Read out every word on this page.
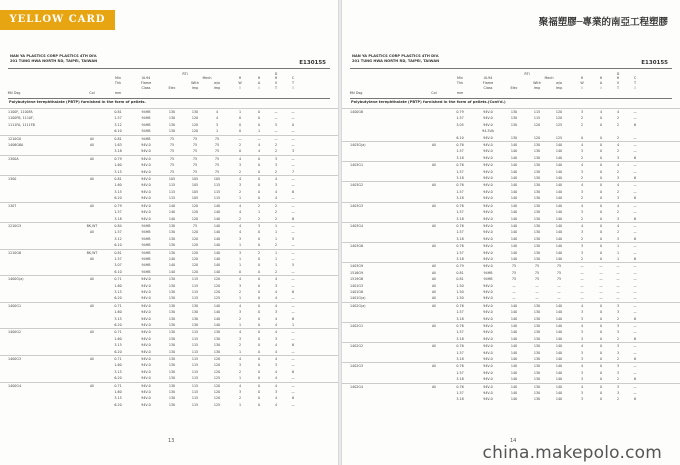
YELLOW CARD
NAN YA PLASTICS CORP PLASTICS 4TH DIV.
201 TUNG HWA NORTH RD, TAIPEI, TAIWAN	E130155
Min
Thk
mm
UL94
Flame
Class
RTI
Elec
Mech
With
Imp
w/o
Imp
H
W
I
H
A
I
D
H
V
T
C
T
I
Mtl Dsg	Col
Polybutylene terephthalate (PBTP) furnished in the form of pellets.
1100F, 1100FA	0.81	94HB	130	130	4	1	0	—	—
1100FB, 1110F,	1.57	94HB	130	120	4	0	0	—	—
1111FA, 1111FB	3.12	94HB	130	120	3	0	0	5	0
6.10	94HB	130	120	1	0	1	—	—
1210G0	All	0.81	94HB	75	75	75	—	—	—	—
1406G6A	All	1.63	94V-0	75	75	75	2	4	2	—
3.18	94V-0	75	75	75	0	4	2	3
1300A	All	0.79	94V-0	75	75	75	4	0	3	—
1.60	94V-0	75	75	75	3	0	3	—
3.15	94V-0	75	75	75	2	0	2	7
1300	All	0.81	94V-0	105	105	105	4	0	4	—
1.60	94V-0	115	105	115	3	0	3	—
3.15	94V-0	115	105	115	2	0	4	6
6.20	94V-0	115	105	115	1	0	4	—
1307	All	0.79	94V-0	140	120	140	4	2	2	—
1.57	94V-0	140	120	140	4	1	2	—
3.18	94V-0	140	120	140	2	2	2	6
1210G3	BK,WT	0.84	94HB	130	75	140	4	3	1	—
All	1.57	94HB	130	120	140	4	0	1	—
3.12	94HB	130	120	140	3	0	1	5
6.10	94HB	130	120	140	1	0	2	—
1210G6	BK,WT	0.81	94HB	130	120	140	3	2	1	—
All	1.57	94HB	140	120	140	1	0	1	—
3.07	94HB	140	120	140	1	0	1	5
6.10	94HB	140	120	140	0	0	2	—
1400G(a)	All	0.71	94V-0	130	115	120	4	0	4	—
1.60	94V-0	130	115	120	3	0	3	—
3.15	94V-0	130	115	120	2	0	4	6
6.20	94V-0	130	115	125	1	0	4	—
1400G1	All	0.71	94V-0	130	130	140	4	0	4	—
1.60	94V-0	130	130	140	3	0	3	—
3.15	94V-0	130	130	140	2	0	4	6
6.20	94V-0	130	130	140	1	0	4	1
1400G2	All	0.71	94V-0	130	115	130	4	0	4	—
1.60	94V-0	130	115	130	3	0	3	—
3.15	94V-0	130	115	130	2	0	4	6
6.20	94V-0	130	115	130	1	0	4	—
1400G3	All	0.71	94V-0	130	115	120	4	0	4	—
1.60	94V-0	130	115	120	3	0	3	—
3.15	94V-0	130	115	120	2	0	4	6
6.20	94V-0	130	115	125	1	0	4	—
1400G4	All	0.71	94V-0	130	115	120	4	0	4	—
1.60	94V-0	130	115	120	3	0	3	—
3.15	94V-0	130	115	120	2	0	4	6
6.20	94V-0	130	115	125	1	0	4	—
13
聚福塑膠─專業的南亞工程塑膠
NAN YA PLASTICS CORP PLASTICS 4TH DIV.
201 TUNG HWA NORTH RD, TAIPEI, TAIWAN	E130155
Min
Thk
mm
UL94
Flame
Class
RTI
Elec
Mech
With
Imp
w/o
Imp
H
W
I
H
A
I
D
H
V
T
C
T
I
Mtl Dsg	Col
Polybutylene terephthalate (PBTP) furnished in the form of pellets.(Cont'd.)
1400G6	0.79	94V-0	130	115	120	3	4	4	—
1.57	94V-0	130	115	120	2	0	2	—
3.05	94V-0	130	120	125	2	0	2	6
94-5VA
6.10	94V-0	130	120	125	0	0	2	—
1403G(a)	All	0.76	94V-0	140	130	140	4	0	4	—
1.57	94V-0	140	130	140	3	0	2	—
3.18	94V-0	140	130	140	2	0	3	6
1403G1	All	0.76	94V-0	140	130	140	4	0	4	—
1.57	94V-0	140	130	140	3	0	2	—
3.18	94V-0	140	130	140	2	0	3	6
1403G2	All	0.76	94V-0	140	130	140	4	0	4	—
1.57	94V-0	140	130	140	3	0	2	—
3.18	94V-0	140	130	140	2	0	3	6
1403G3	All	0.76	94V-0	140	130	140	4	0	4	—
1.57	94V-0	140	130	140	3	0	2	—
3.18	94V-0	140	130	140	2	0	3	6
1403G4	All	0.76	94V-0	140	130	140	4	0	4	—
1.57	94V-0	140	130	140	3	0	2	—
3.18	94V-0	140	130	140	2	0	3	6
1403G6	All	0.76	94V-0	140	130	140	3	0	1	—
1.57	94V-0	140	130	140	3	0	1	—
3.18	94V-0	140	130	140	2	0	1	6
1403G9	All	0.79	94V-0	75	75	75	—	—	—	—
1516G9	All	0.81	94HB	75	75	75	—	—	—	—
1519G6	All	0.81	94HB	75	75	75	—	—	—	—
1401G3	All	1.50	94V-0	—	—	—	—	—	—	—
1401G6	All	1.50	94V-0	—	—	—	—	—	—	—
1401G(a)	All	1.50	94V-0	—	—	—	—	—	—	—
1402G(a)	All	0.76	94V-0	140	130	140	4	0	3	—
1.57	94V-0	140	130	140	3	0	3	—
3.18	94V-0	140	130	140	3	0	2	6
1402G1	All	0.76	94V-0	140	130	140	4	0	3	—
1.57	94V-0	140	130	140	3	0	3	—
3.18	94V-0	140	130	140	3	0	2	6
1402G2	All	0.76	94V-0	140	130	140	4	0	3	—
1.57	94V-0	140	130	140	3	0	3	—
3.18	94V-0	140	130	140	3	0	2	6
1402G3	All	0.76	94V-0	140	130	140	4	0	3	—
1.57	94V-0	140	130	140	3	0	3	—
3.18	94V-0	140	130	140	3	0	2	6
1402G4	All	0.76	94V-0	140	130	140	4	0	3	—
1.57	94V-0	140	130	140	3	0	3	—
3.18	94V-0	140	130	140	3	0	2	6
14
china.makepolo.com
